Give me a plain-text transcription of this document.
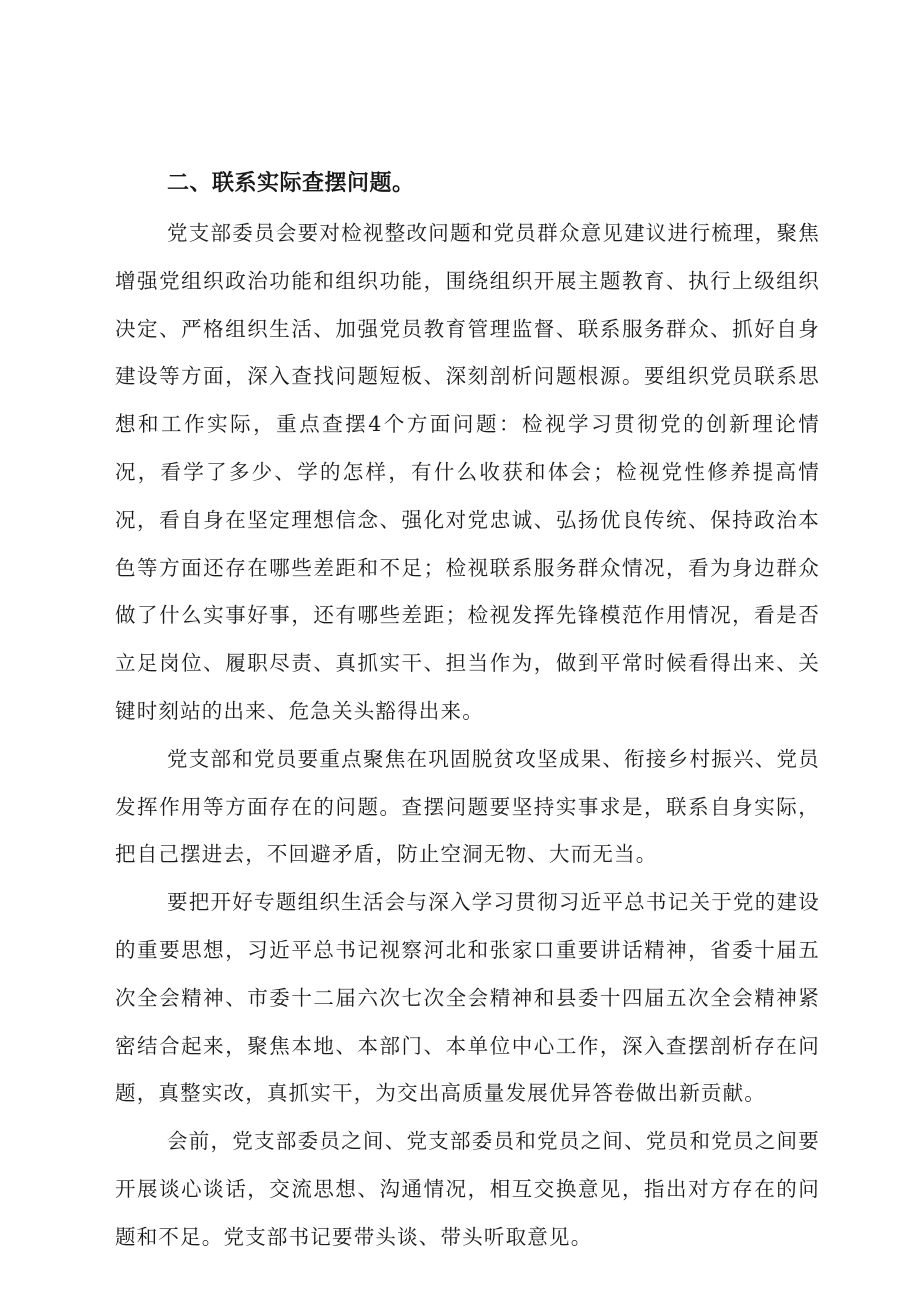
二、联系实际查摆问题。

党支部委员会要对检视整改问题和党员群众意见建议进行梳理，聚焦增强党组织政治功能和组织功能，围绕组织开展主题教育、执行上级组织决定、严格组织生活、加强党员教育管理监督、联系服务群众、抓好自身建设等方面，深入查找问题短板、深刻剖析问题根源。要组织党员联系思想和工作实际，重点查摆4个方面问题：检视学习贯彻党的创新理论情况，看学了多少、学的怎样，有什么收获和体会；检视党性修养提高情况，看自身在坚定理想信念、强化对党忠诚、弘扬优良传统、保持政治本色等方面还存在哪些差距和不足；检视联系服务群众情况，看为身边群众做了什么实事好事，还有哪些差距；检视发挥先锋模范作用情况，看是否立足岗位、履职尽责、真抓实干、担当作为，做到平常时候看得出来、关键时刻站的出来、危急关头豁得出来。

党支部和党员要重点聚焦在巩固脱贫攻坚成果、衔接乡村振兴、党员发挥作用等方面存在的问题。查摆问题要坚持实事求是，联系自身实际，把自己摆进去，不回避矛盾，防止空洞无物、大而无当。

要把开好专题组织生活会与深入学习贯彻习近平总书记关于党的建设的重要思想，习近平总书记视察河北和张家口重要讲话精神，省委十届五次全会精神、市委十二届六次七次全会精神和县委十四届五次全会精神紧密结合起来，聚焦本地、本部门、本单位中心工作，深入查摆剖析存在问题，真整实改，真抓实干，为交出高质量发展优异答卷做出新贡献。

会前，党支部委员之间、党支部委员和党员之间、党员和党员之间要开展谈心谈话，交流思想、沟通情况，相互交换意见，指出对方存在的问题和不足。党支部书记要带头谈、带头听取意见。
